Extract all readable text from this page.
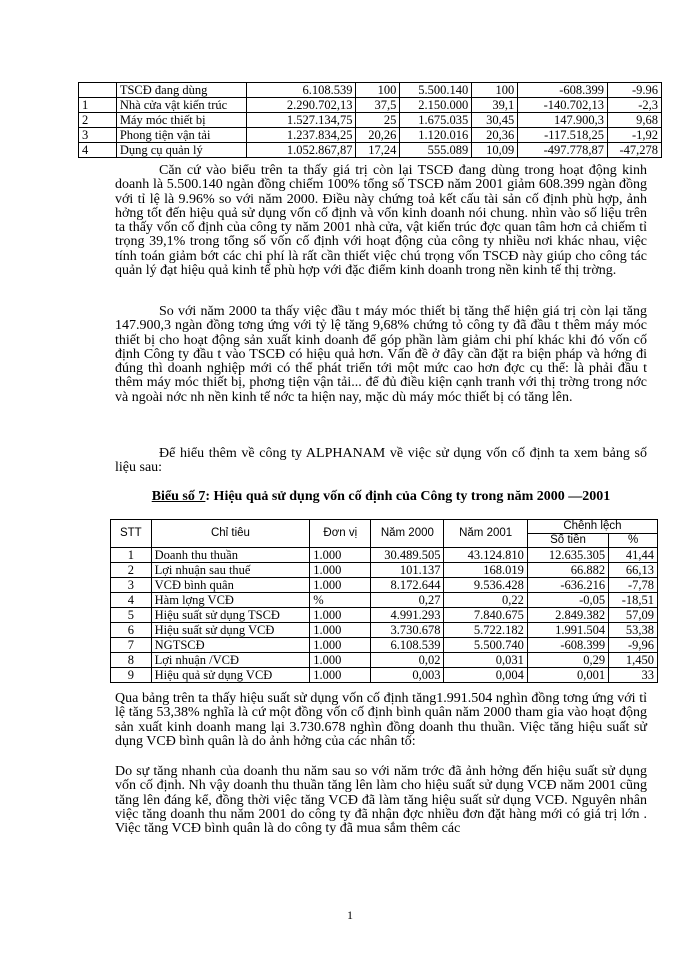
	TSCĐ đang dùng	6.108.539	100	5.500.140	100	-608.399	-9.96
1	Nhà cửa vật kiến trúc	2.290.702,13	37,5	2.150.000	39,1	-140.702,13	-2,3
2	Máy móc thiết bị	1.527.134,75	25	1.675.035	30,45	147.900,3	9,68
3	Phong tiện vận tải	1.237.834,25	20,26	1.120.016	20,36	-117.518,25	-1,92
4	Dụng cụ quản lý	1.052.867,87	17,24	555.089	10,09	-497.778,87	-47,278

Căn cứ vào biểu trên ta thấy giá trị còn lại TSCĐ đang dùng trong hoạt động kinh doanh là 5.500.140 ngàn đồng chiếm 100% tổng số TSCĐ năm 2001 giảm 608.399 ngàn đồng với tỉ lệ là 9.96% so với năm 2000. Điều này chứng toả kết cấu tài sản cố định phù hợp, ảnh hởng tốt đến hiệu quả sử dụng vốn cố định và vốn kinh doanh nói chung. nhìn vào số liệu trên ta thấy vốn cố định của công ty năm 2001 nhà cửa, vật kiến trúc đợc quan tâm hơn cả chiếm tỉ trọng 39,1% trong tổng số vốn cố định với hoạt động của công ty nhiều nơi khác nhau, việc tính toán giảm bớt các chi phí là rất cần thiết việc chú trọng vốn TSCĐ này giúp cho công tác quản lý đạt hiệu quả kinh tế phù hợp với đặc điểm kinh doanh trong nền kinh tế thị trờng.

So với năm 2000 ta thấy việc đầu t máy móc thiết bị tăng thể hiện giá trị còn lại tăng 147.900,3 ngàn đồng tơng ứng với tỷ lệ tăng 9,68% chứng tỏ công ty đã đầu t thêm máy móc thiết bị cho hoạt động sản xuất kinh doanh để góp phần làm giảm chi phí khác khi đó vốn cố định Công ty đầu t vào TSCĐ có hiệu quả hơn. Vấn đề ở đây cần đặt ra biện pháp và hớng đi đúng thì doanh nghiệp mới có thể phát triển tới một mức cao hơn đợc cụ thể: là phải đầu t thêm máy móc thiết bị, phơng tiện vận tải... để đủ điều kiện cạnh tranh với thị trờng trong nớc và ngoài nớc nh nền kinh tế nớc ta hiện nay, mặc dù máy móc thiết bị có tăng lên.

Để hiểu thêm về công ty ALPHANAM về việc sử dụng vốn cố định ta xem bảng số liệu sau:

Biểu số 7: Hiệu quả sử dụng vốn cố định của Công ty trong năm 2000 —2001

STT	Chỉ tiêu	Đơn vị	Năm 2000	Năm 2001	Chênh lệch	
					Số tiền	%
1	Doanh thu thuần	1.000	30.489.505	43.124.810	12.635.305	41,44
2	Lợi nhuận sau thuế	1.000	101.137	168.019	66.882	66,13
3	VCĐ bình quân	1.000	8.172.644	9.536.428	-636.216	-7,78
4	Hàm lợng VCĐ	%	0,27	0,22	-0,05	-18,51
5	Hiệu suất sử dụng TSCĐ	1.000	4.991.293	7.840.675	2.849.382	57,09
6	Hiệu suất sử dụng VCĐ	1.000	3.730.678	5.722.182	1.991.504	53,38
7	NGTSCĐ	1.000	6.108.539	5.500.740	-608.399	-9,96
8	Lợi nhuận /VCĐ	1.000	0,02	0,031	0,29	1,450
9	Hiệu quả sử dụng VCĐ	1.000	0,003	0,004	0,001	33

Qua bảng trên ta thấy hiệu suất sử dụng vốn cố định tăng1.991.504 nghìn đồng tơng ứng với tỉ lệ tăng 53,38% nghĩa là cứ một đồng vốn cố định bình quân năm 2000 tham gia vào hoạt động sản xuất kinh doanh mang lại 3.730.678 nghìn đồng doanh thu thuần. Việc tăng hiệu suất sử dụng VCĐ bình quân là do ảnh hởng của các nhân tố:

Do sự tăng nhanh của doanh thu năm sau so với năm trớc đã ảnh hởng đến hiệu suất sử dụng vốn cố định. Nh vậy doanh thu thuần tăng lên làm cho hiệu suất sử dụng VCĐ năm 2001 cũng tăng lên đáng kể, đồng thời việc tăng VCĐ đã làm tăng hiệu suất sử dụng VCĐ. Nguyên nhân việc tăng doanh thu năm 2001 do công ty đã nhận đợc nhiều đơn đặt hàng mới có giá trị lớn . Việc tăng VCĐ bình quân là do công ty đã mua sắm thêm các

1
